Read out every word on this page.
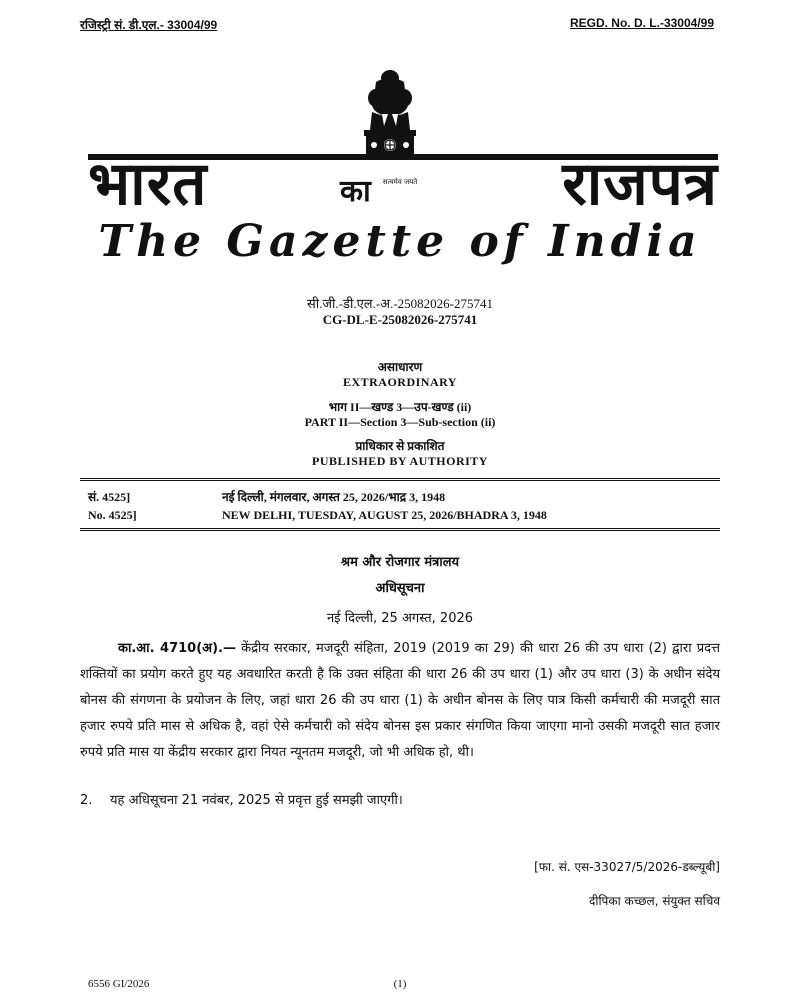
रजिस्ट्री सं. डी.एल.- 33004/99	REGD. No. D. L.-33004/99
सत्यमेव जयते
भारत	का	राजपत्र
The Gazette of India
सी.जी.-डी.एल.-अ.-25082026-275741
CG-DL-E-25082026-275741
असाधारण
EXTRAORDINARY
भाग II—खण्ड 3—उप-खण्ड (ii)
PART II—Section 3—Sub-section (ii)
प्राधिकार से प्रकाशित
PUBLISHED BY AUTHORITY
सं. 4525]	नई दिल्ली, मंगलवार, अगस्त 25, 2026/भाद्र 3, 1948
No. 4525]	NEW DELHI, TUESDAY, AUGUST 25, 2026/BHADRA 3, 1948
श्रम और रोजगार मंत्रालय
अधिसूचना
नई दिल्ली, 25 अगस्त, 2026
का.आ. 4710(अ).— केंद्रीय सरकार, मजदूरी संहिता, 2019 (2019 का 29) की धारा 26 की उप धारा (2) द्वारा प्रदत्त शक्तियों का प्रयोग करते हुए यह अवधारित करती है कि उक्त संहिता की धारा 26 की उप धारा (1) और उप धारा (3) के अधीन संदेय बोनस की संगणना के प्रयोजन के लिए, जहां धारा 26 की उप धारा (1) के अधीन बोनस के लिए पात्र किसी कर्मचारी की मजदूरी सात हजार रुपये प्रति मास से अधिक है, वहां ऐसे कर्मचारी को संदेय बोनस इस प्रकार संगणित किया जाएगा मानो उसकी मजदूरी सात हजार रुपये प्रति मास या केंद्रीय सरकार द्वारा नियत न्यूनतम मजदूरी, जो भी अधिक हो, थी।
2. यह अधिसूचना 21 नवंबर, 2025 से प्रवृत्त हुई समझी जाएगी।
[फा. सं. एस-33027/5/2026-डब्ल्यूबी]
दीपिका कच्छल, संयुक्त सचिव
6556 GI/2026	(1)
